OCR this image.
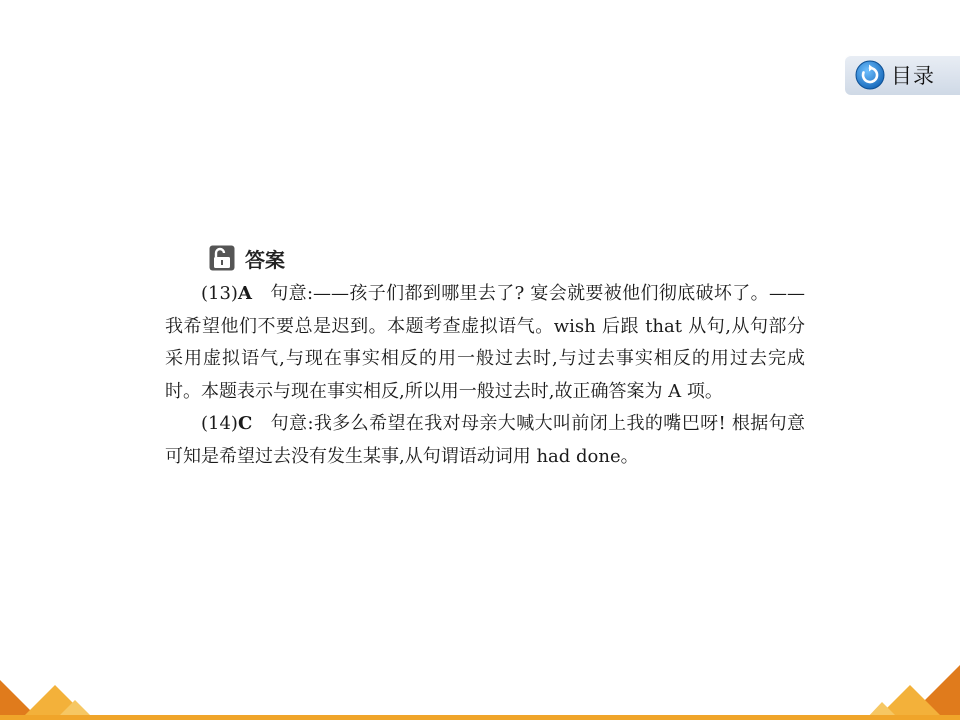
目录
答案

(13)A 句意:——孩子们都到哪里去了? 宴会就要被他们彻底破坏了。——我希望他们不要总是迟到。本题考查虚拟语气。wish 后跟 that 从句,从句部分采用虚拟语气,与现在事实相反的用一般过去时,与过去事实相反的用过去完成时。本题表示与现在事实相反,所以用一般过去时,故正确答案为 A 项。

(14)C 句意:我多么希望在我对母亲大喊大叫前闭上我的嘴巴呀! 根据句意可知是希望过去没有发生某事,从句谓语动词用 had done。
